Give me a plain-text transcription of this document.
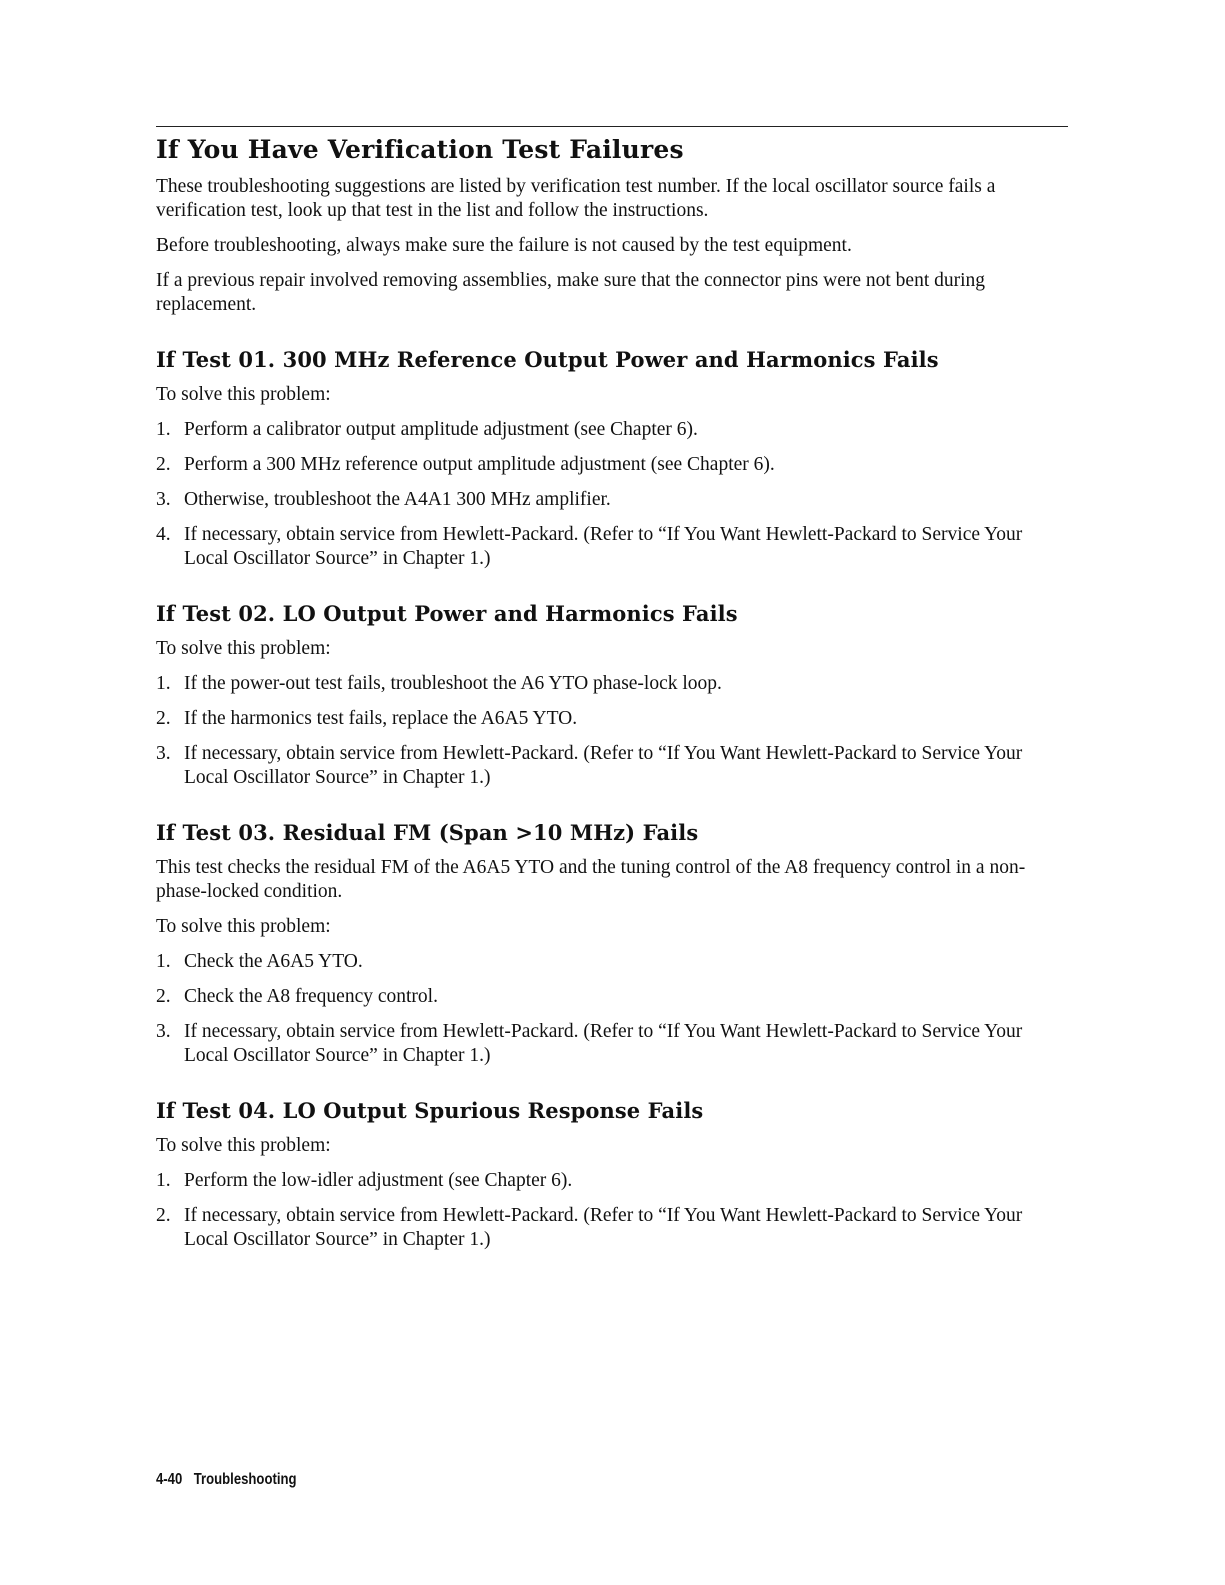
If You Have Verification Test Failures

These troubleshooting suggestions are listed by verification test number. If the local oscillator source fails a verification test, look up that test in the list and follow the instructions.

Before troubleshooting, always make sure the failure is not caused by the test equipment.

If a previous repair involved removing assemblies, make sure that the connector pins were not bent during replacement.

If Test 01. 300 MHz Reference Output Power and Harmonics Fails

To solve this problem:

1. Perform a calibrator output amplitude adjustment (see Chapter 6).
2. Perform a 300 MHz reference output amplitude adjustment (see Chapter 6).
3. Otherwise, troubleshoot the A4A1 300 MHz amplifier.
4. If necessary, obtain service from Hewlett-Packard. (Refer to “If You Want Hewlett-Packard to Service Your Local Oscillator Source” in Chapter 1.)
If Test 02. LO Output Power and Harmonics Fails

To solve this problem:

1. If the power-out test fails, troubleshoot the A6 YTO phase-lock loop.
2. If the harmonics test fails, replace the A6A5 YTO.
3. If necessary, obtain service from Hewlett-Packard. (Refer to “If You Want Hewlett-Packard to Service Your Local Oscillator Source” in Chapter 1.)
If Test 03. Residual FM (Span >10 MHz) Fails

This test checks the residual FM of the A6A5 YTO and the tuning control of the A8 frequency control in a non-phase-locked condition.

To solve this problem:

1. Check the A6A5 YTO.
2. Check the A8 frequency control.
3. If necessary, obtain service from Hewlett-Packard. (Refer to “If You Want Hewlett-Packard to Service Your Local Oscillator Source” in Chapter 1.)
If Test 04. LO Output Spurious Response Fails

To solve this problem:

1. Perform the low-idler adjustment (see Chapter 6).
2. If necessary, obtain service from Hewlett-Packard. (Refer to “If You Want Hewlett-Packard to Service Your Local Oscillator Source” in Chapter 1.)
4-40 Troubleshooting
